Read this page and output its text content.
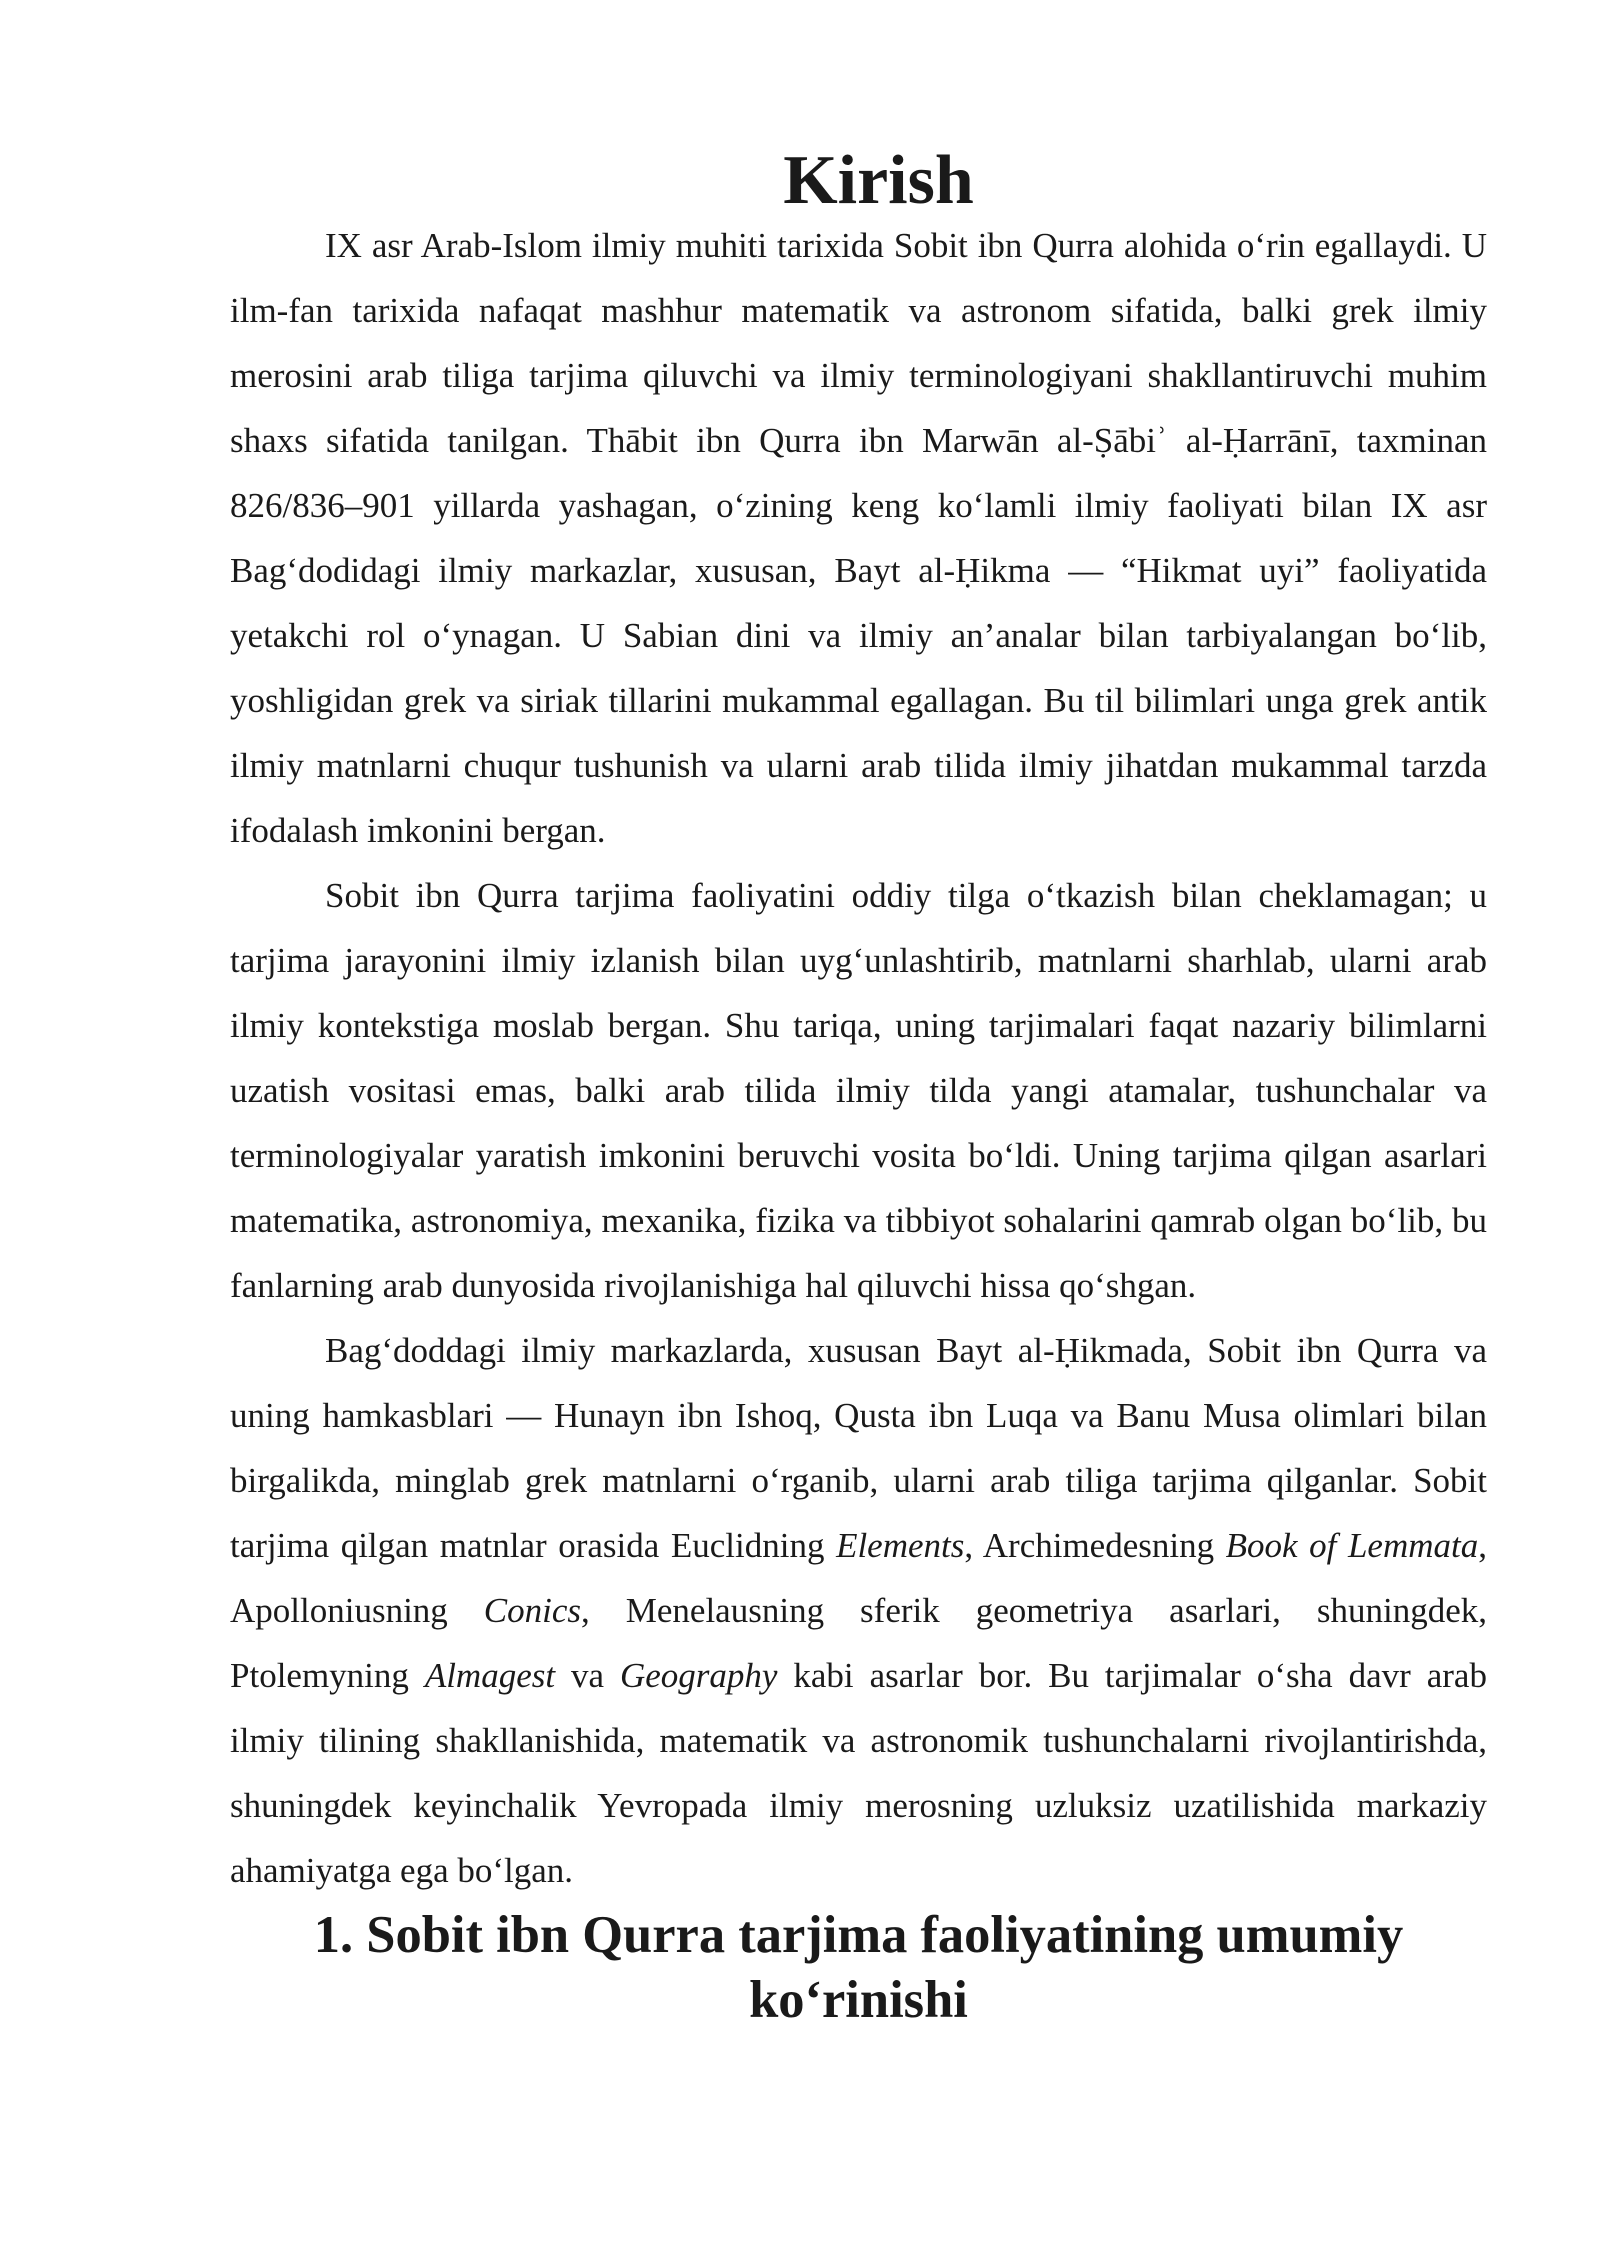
Kirish

IX asr Arab-Islom ilmiy muhiti tarixida Sobit ibn Qurra alohida o‘rin egallaydi. U ilm-fan tarixida nafaqat mashhur matematik va astronom sifatida, balki grek ilmiy merosini arab tiliga tarjima qiluvchi va ilmiy terminologiyani shakllantiruvchi muhim shaxs sifatida tanilgan. Thābit ibn Qurra ibn Marwān al-Ṣābiʾ al-Ḥarrānī, taxminan 826/836–901 yillarda yashagan, o‘zining keng ko‘lamli ilmiy faoliyati bilan IX asr Bag‘dodidagi ilmiy markazlar, xususan, Bayt al-Ḥikma — “Hikmat uyi” faoliyatida yetakchi rol o‘ynagan. U Sabian dini va ilmiy an’analar bilan tarbiyalangan bo‘lib, yoshligidan grek va siriak tillarini mukammal egallagan. Bu til bilimlari unga grek antik ilmiy matnlarni chuqur tushunish va ularni arab tilida ilmiy jihatdan mukammal tarzda ifodalash imkonini bergan.

Sobit ibn Qurra tarjima faoliyatini oddiy tilga o‘tkazish bilan cheklamagan; u tarjima jarayonini ilmiy izlanish bilan uyg‘unlashtirib, matnlarni sharhlab, ularni arab ilmiy kontekstiga moslab bergan. Shu tariqa, uning tarjimalari faqat nazariy bilimlarni uzatish vositasi emas, balki arab tilida ilmiy tilda yangi atamalar, tushunchalar va terminologiyalar yaratish imkonini beruvchi vosita bo‘ldi. Uning tarjima qilgan asarlari matematika, astronomiya, mexanika, fizika va tibbiyot sohalarini qamrab olgan bo‘lib, bu fanlarning arab dunyosida rivojlanishiga hal qiluvchi hissa qo‘shgan.

Bag‘doddagi ilmiy markazlarda, xususan Bayt al-Ḥikmada, Sobit ibn Qurra va uning hamkasblari — Hunayn ibn Ishoq, Qusta ibn Luqa va Banu Musa olimlari bilan birgalikda, minglab grek matnlarni o‘rganib, ularni arab tiliga tarjima qilganlar. Sobit tarjima qilgan matnlar orasida Euclidning Elements, Archimedesning Book of Lemmata, Apolloniusning Conics, Menelausning sferik geometriya asarlari, shuningdek, Ptolemyning Almagest va Geography kabi asarlar bor. Bu tarjimalar o‘sha davr arab ilmiy tilining shakllanishida, matematik va astronomik tushunchalarni rivojlantirishda, shuningdek keyinchalik Yevropada ilmiy merosning uzluksiz uzatilishida markaziy ahamiyatga ega bo‘lgan.

1. Sobit ibn Qurra tarjima faoliyatining umumiy ko‘rinishi
